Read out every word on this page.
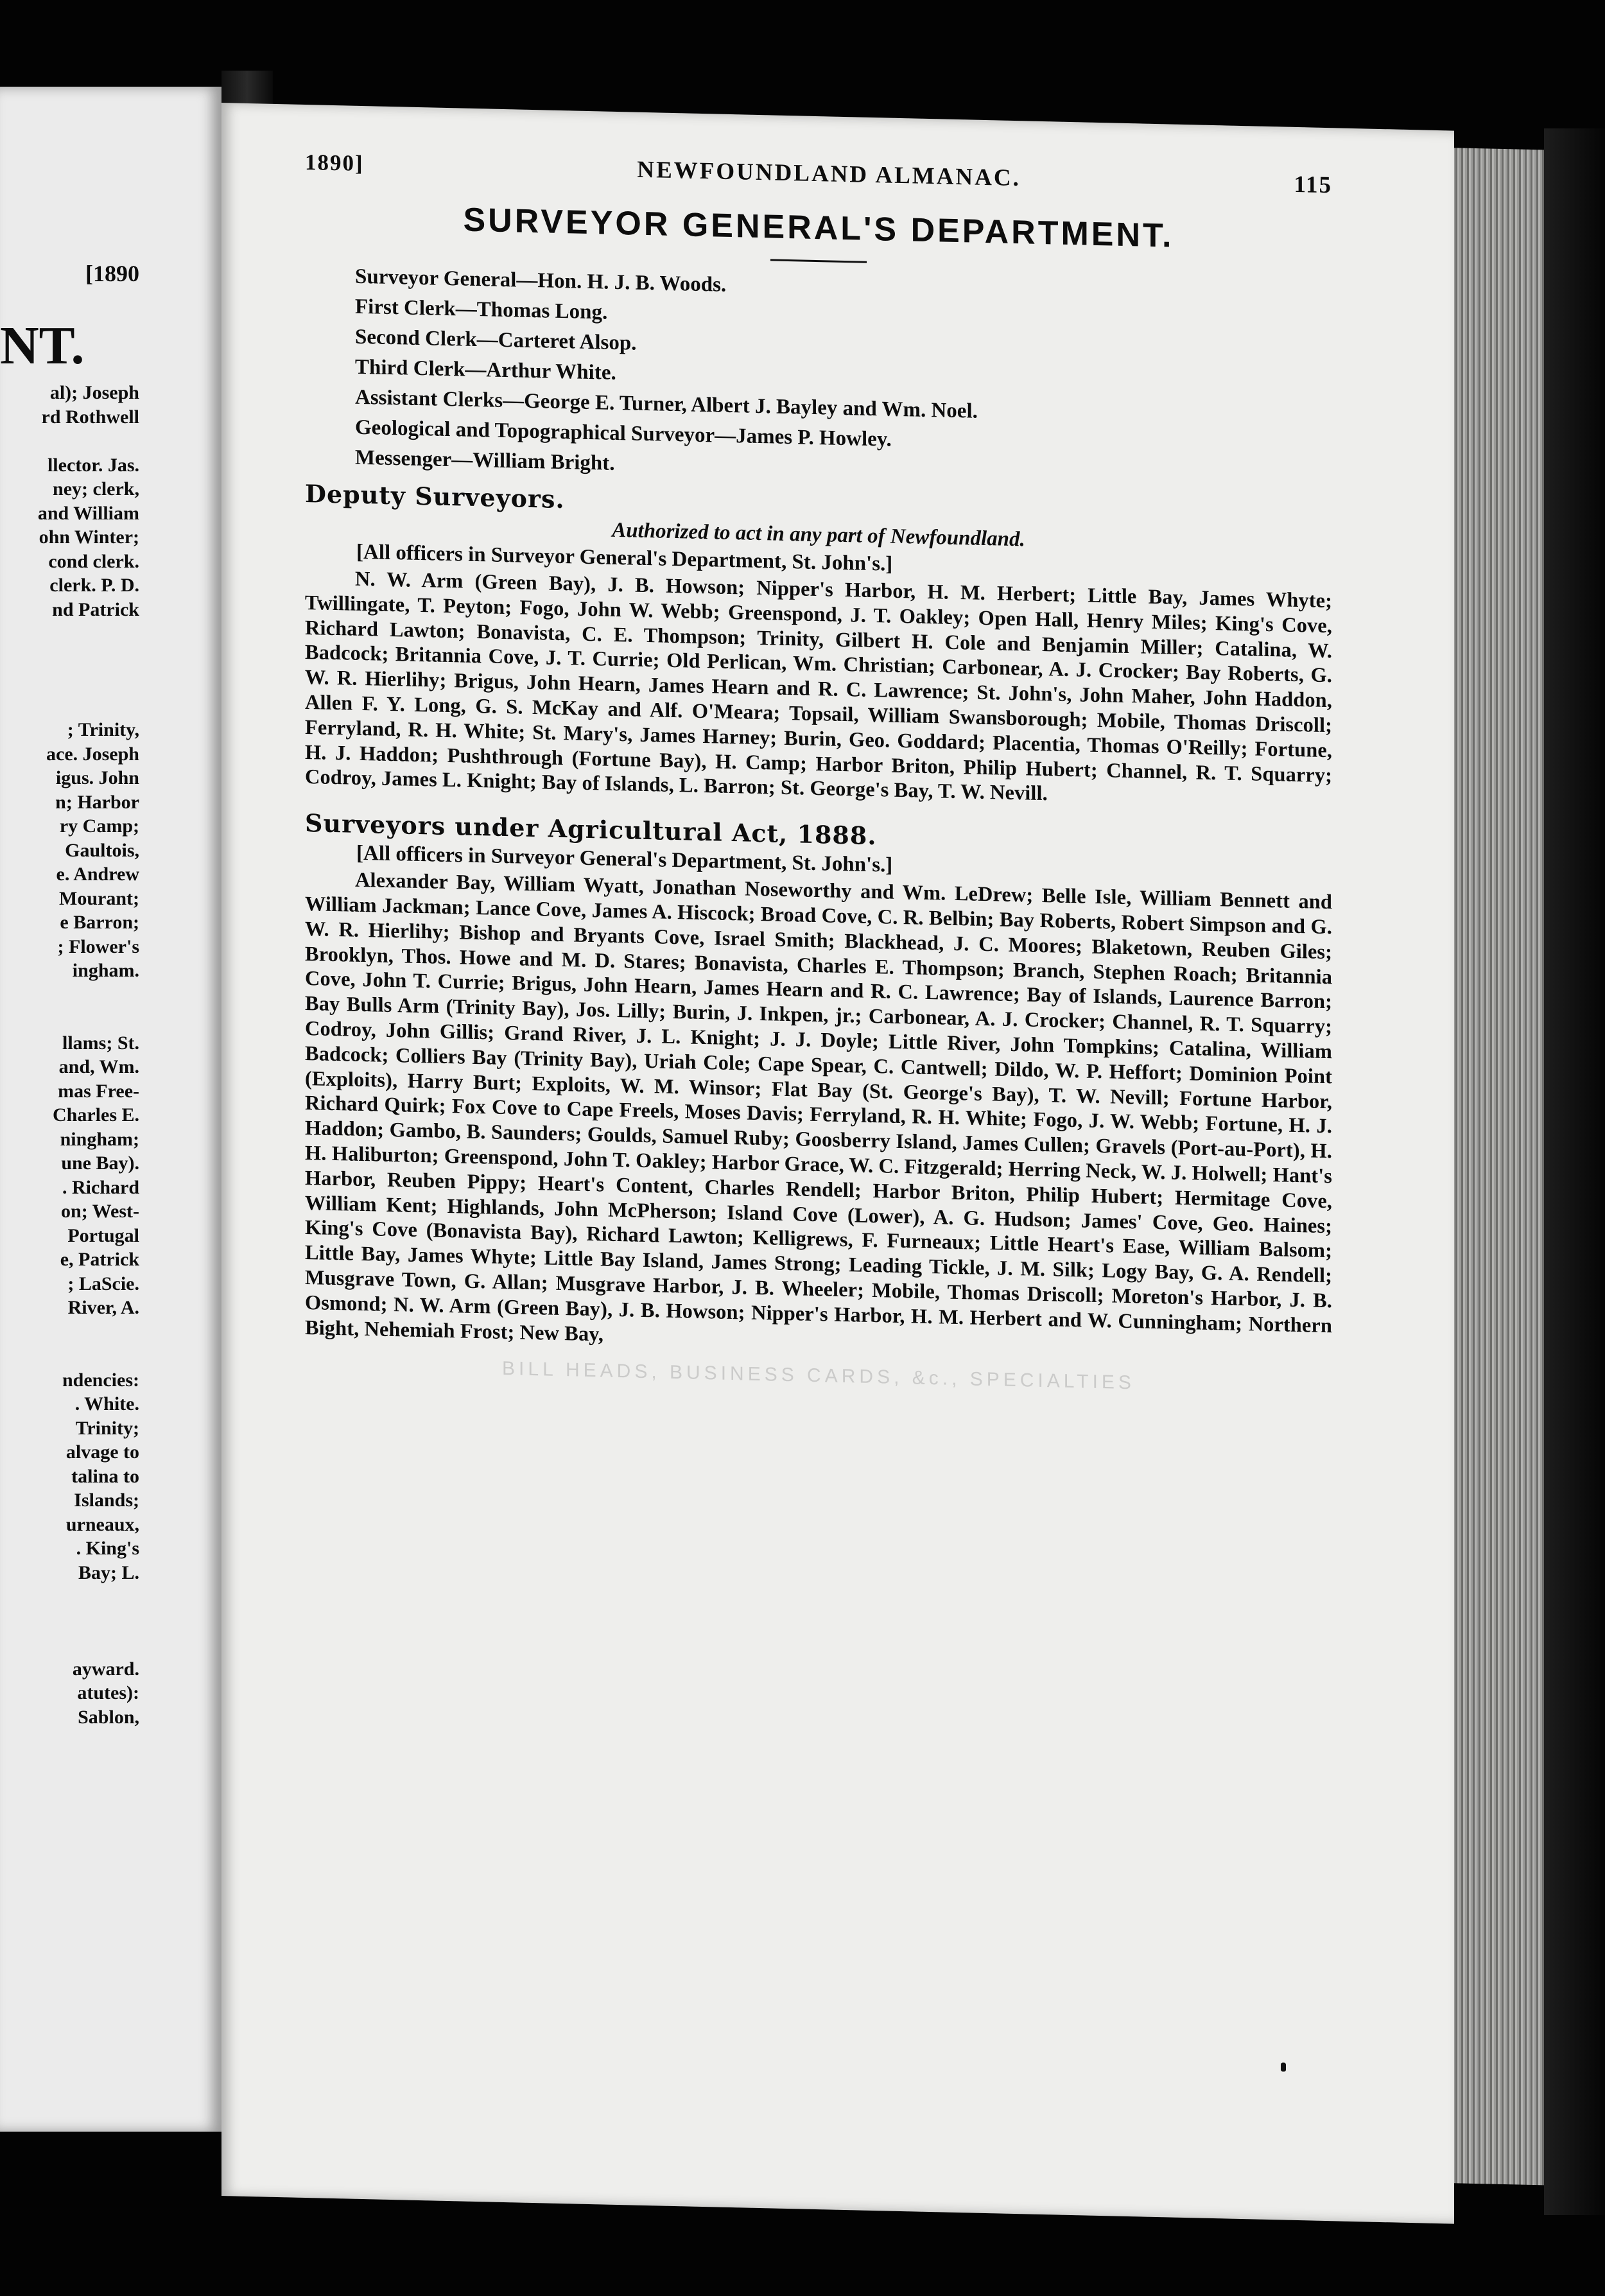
[1890
NT.
al); Joseph
rd Rothwell
llector. Jas.
ney; clerk,
and William
ohn Winter;
cond clerk.
clerk. P. D.
nd Patrick
; Trinity,
ace. Joseph
igus. John
n; Harbor
ry Camp;
Gaultois,
e. Andrew
Mourant;
e Barron;
; Flower's
ingham.
llams; St.
and, Wm.
mas Free-
Charles E.
ningham;
une Bay).
. Richard
on; West-
Portugal
e, Patrick
; LaScie.
River, A.
ndencies:
. White.
Trinity;
alvage to
talina to
Islands;
urneaux,
. King's
Bay; L.
ayward.
atutes):
Sablon,
1890]	NEWFOUNDLAND ALMANAC.	115
SURVEYOR GENERAL'S DEPARTMENT.
Surveyor General—Hon. H. J. B. Woods.
First Clerk—Thomas Long.
Second Clerk—Carteret Alsop.
Third Clerk—Arthur White.
Assistant Clerks—George E. Turner, Albert J. Bayley and Wm. Noel.
Geological and Topographical Surveyor—James P. Howley.
Messenger—William Bright.
Deputy Surveyors.
Authorized to act in any part of Newfoundland.
[All officers in Surveyor General's Department, St. John's.]
N. W. Arm (Green Bay), J. B. Howson; Nipper's Harbor, H. M. Herbert; Little Bay, James Whyte; Twillingate, T. Peyton; Fogo, John W. Webb; Greenspond, J. T. Oakley; Open Hall, Henry Miles; King's Cove, Richard Lawton; Bonavista, C. E. Thompson; Trinity, Gilbert H. Cole and Benjamin Miller; Catalina, W. Badcock; Britannia Cove, J. T. Currie; Old Perlican, Wm. Christian; Carbonear, A. J. Crocker; Bay Roberts, G. W. R. Hierlihy; Brigus, John Hearn, James Hearn and R. C. Lawrence; St. John's, John Maher, John Haddon, Allen F. Y. Long, G. S. McKay and Alf. O'Meara; Topsail, William Swansborough; Mobile, Thomas Driscoll; Ferryland, R. H. White; St. Mary's, James Harney; Burin, Geo. Goddard; Placentia, Thomas O'Reilly; Fortune, H. J. Haddon; Pushthrough (Fortune Bay), H. Camp; Harbor Briton, Philip Hubert; Channel, R. T. Squarry; Codroy, James L. Knight; Bay of Islands, L. Barron; St. George's Bay, T. W. Nevill.
Surveyors under Agricultural Act, 1888.
[All officers in Surveyor General's Department, St. John's.]
Alexander Bay, William Wyatt, Jonathan Noseworthy and Wm. LeDrew; Belle Isle, William Bennett and William Jackman; Lance Cove, James A. Hiscock; Broad Cove, C. R. Belbin; Bay Roberts, Robert Simpson and G. W. R. Hierlihy; Bishop and Bryants Cove, Israel Smith; Blackhead, J. C. Moores; Blaketown, Reuben Giles; Brooklyn, Thos. Howe and M. D. Stares; Bonavista, Charles E. Thompson; Branch, Stephen Roach; Britannia Cove, John T. Currie; Brigus, John Hearn, James Hearn and R. C. Lawrence; Bay of Islands, Laurence Barron; Bay Bulls Arm (Trinity Bay), Jos. Lilly; Burin, J. Inkpen, jr.; Carbonear, A. J. Crocker; Channel, R. T. Squarry; Codroy, John Gillis; Grand River, J. L. Knight; J. J. Doyle; Little River, John Tompkins; Catalina, William Badcock; Colliers Bay (Trinity Bay), Uriah Cole; Cape Spear, C. Cantwell; Dildo, W. P. Heffort; Dominion Point (Exploits), Harry Burt; Exploits, W. M. Winsor; Flat Bay (St. George's Bay), T. W. Nevill; Fortune Harbor, Richard Quirk; Fox Cove to Cape Freels, Moses Davis; Ferryland, R. H. White; Fogo, J. W. Webb; Fortune, H. J. Haddon; Gambo, B. Saunders; Goulds, Samuel Ruby; Goosberry Island, James Cullen; Gravels (Port-au-Port), H. H. Haliburton; Greenspond, John T. Oakley; Harbor Grace, W. C. Fitzgerald; Herring Neck, W. J. Holwell; Hant's Harbor, Reuben Pippy; Heart's Content, Charles Rendell; Harbor Briton, Philip Hubert; Hermitage Cove, William Kent; Highlands, John McPherson; Island Cove (Lower), A. G. Hudson; James' Cove, Geo. Haines; King's Cove (Bonavista Bay), Richard Lawton; Kelligrews, F. Furneaux; Little Heart's Ease, William Balsom; Little Bay, James Whyte; Little Bay Island, James Strong; Leading Tickle, J. M. Silk; Logy Bay, G. A. Rendell; Musgrave Town, G. Allan; Musgrave Harbor, J. B. Wheeler; Mobile, Thomas Driscoll; Moreton's Harbor, J. B. Osmond; N. W. Arm (Green Bay), J. B. Howson; Nipper's Harbor, H. M. Herbert and W. Cunningham; Northern Bight, Nehemiah Frost; New Bay,
BILL HEADS, BUSINESS CARDS, &c., SPECIALTIES
